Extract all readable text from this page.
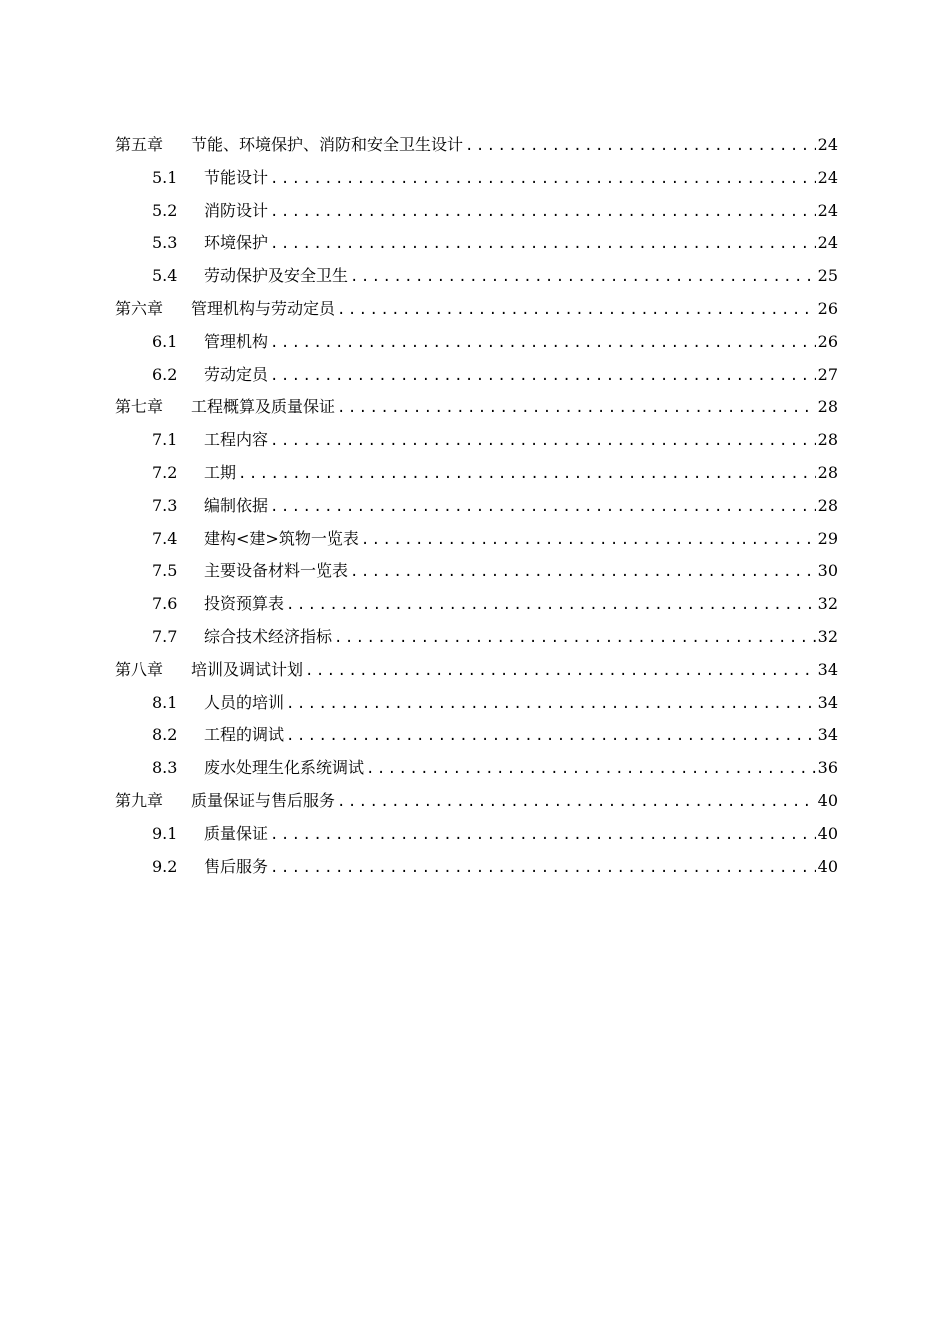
第五章	节能、环境保护、消防和安全卫生设计 .....	24
5.1	节能设计 .....	24
5.2	消防设计 .....	24
5.3	环境保护 .....	24
5.4	劳动保护及安全卫生 .....	25
第六章	管理机构与劳动定员 .....	26
6.1	管理机构 .....	26
6.2	劳动定员 .....	27
第七章	工程概算及质量保证 .....	28
7.1	工程内容 .....	28
7.2	工期 .....	28
7.3	编制依据 .....	28
7.4	建构<建>筑物一览表 .....	29
7.5	主要设备材料一览表 .....	30
7.6	投资预算表 .....	32
7.7	综合技术经济指标 .....	32
第八章	培训及调试计划 .....	34
8.1	人员的培训 .....	34
8.2	工程的调试 .....	34
8.3	废水处理生化系统调试 .....	36
第九章	质量保证与售后服务 .....	40
9.1	质量保证 .....	40
9.2	售后服务 .....	40
